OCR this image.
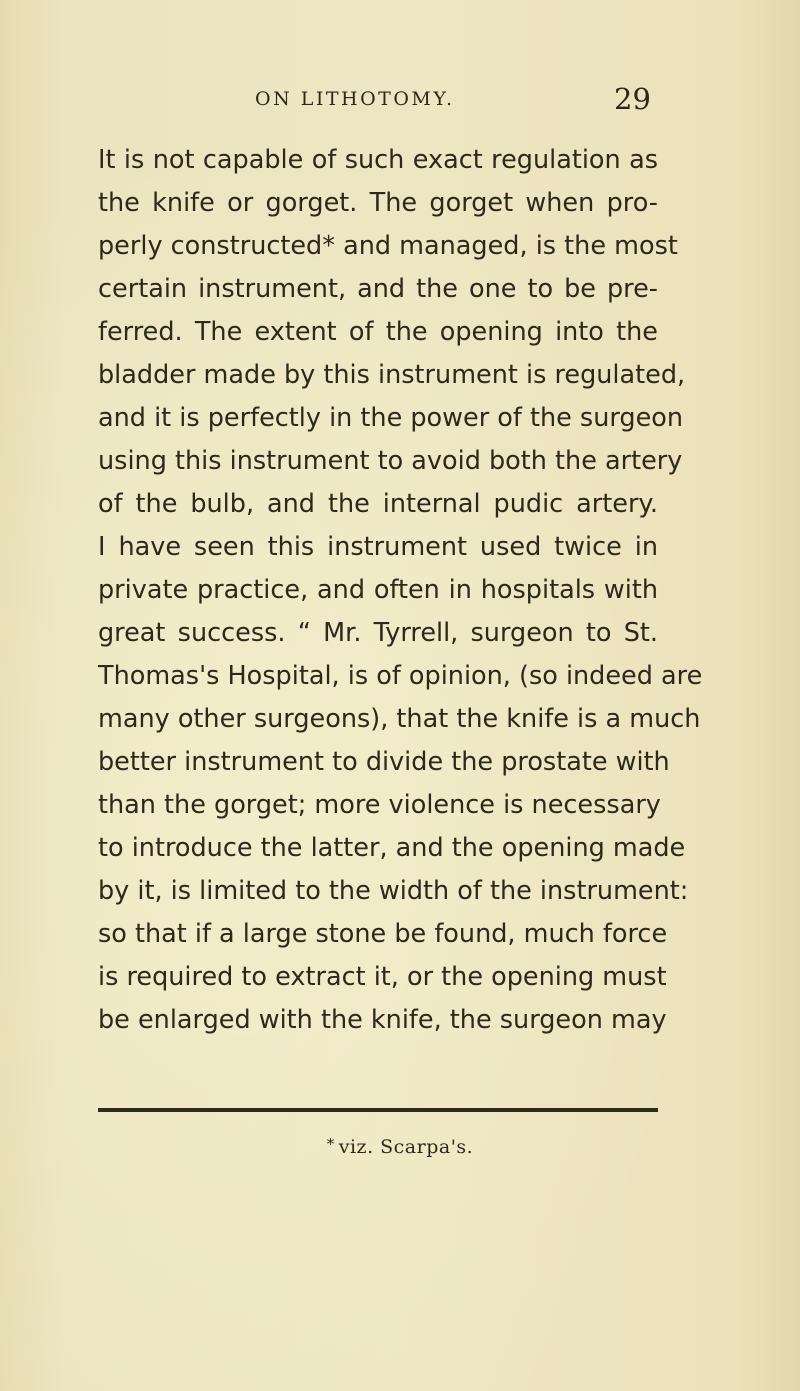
ON LITHOTOMY.	29
It is not capable of such exact regulation as
the knife or gorget. The gorget when pro-
perly constructed* and managed, is the most
certain instrument, and the one to be pre-
ferred. The extent of the opening into the
bladder made by this instrument is regulated,
and it is perfectly in the power of the surgeon
using this instrument to avoid both the artery
of the bulb, and the internal pudic artery.
I have seen this instrument used twice in
private practice, and often in hospitals with
great success. “ Mr. Tyrrell, surgeon to St.
Thomas's Hospital, is of opinion, (so indeed are
many other surgeons), that the knife is a much
better instrument to divide the prostate with
than the gorget; more violence is necessary
to introduce the latter, and the opening made
by it, is limited to the width of the instrument:
so that if a large stone be found, much force
is required to extract it, or the opening must
be enlarged with the knife, the surgeon may
* viz. Scarpa's.
